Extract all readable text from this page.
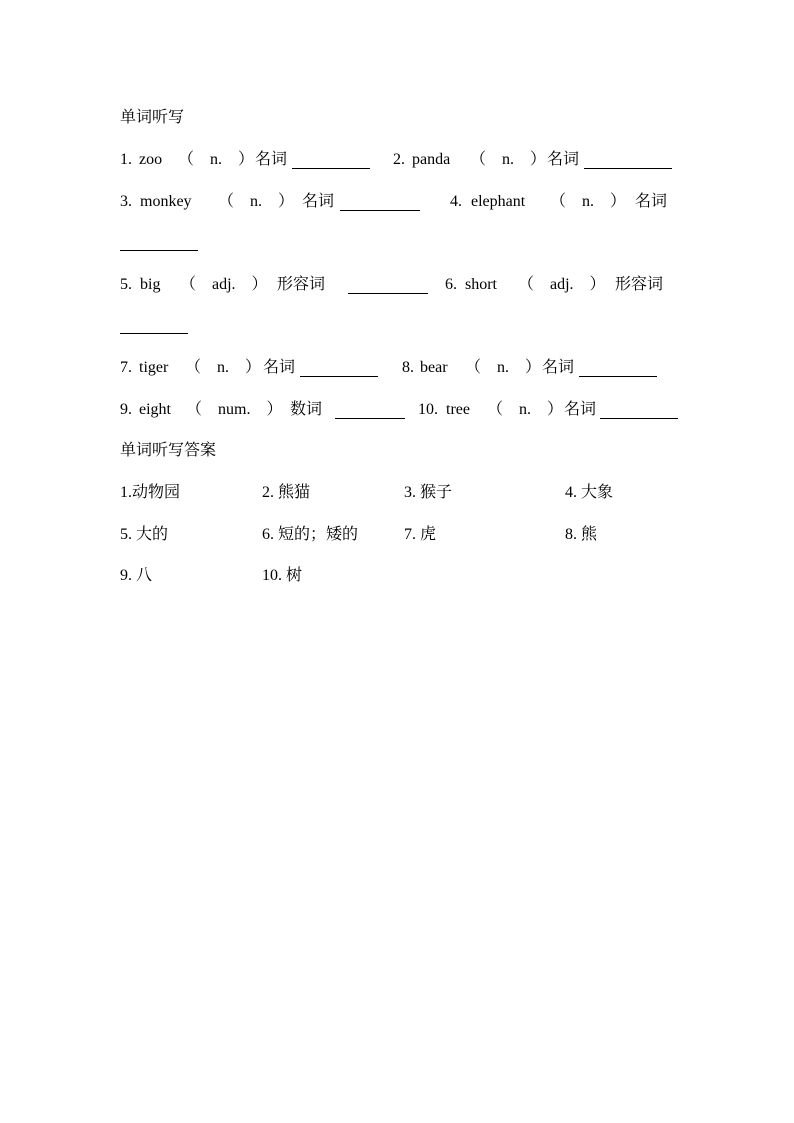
单词听写
1. zoo （　n.　） 名词	2. panda （　n.　） 名词
3. monkey （　n.　） 名词	4. elephant （　n.　） 名词
5. big （　adj.　） 形容词	6. short （　adj.　） 形容词
7. tiger （　n.　） 名词	8. bear （　n.　） 名词
9. eight （　num.　） 数词	10. tree （　n.　） 名词
单词听写答案
1.动物园	2. 熊猫	3. 猴子	4. 大象
5. 大的	6. 短的；矮的	7. 虎	8. 熊
9. 八	10. 树
